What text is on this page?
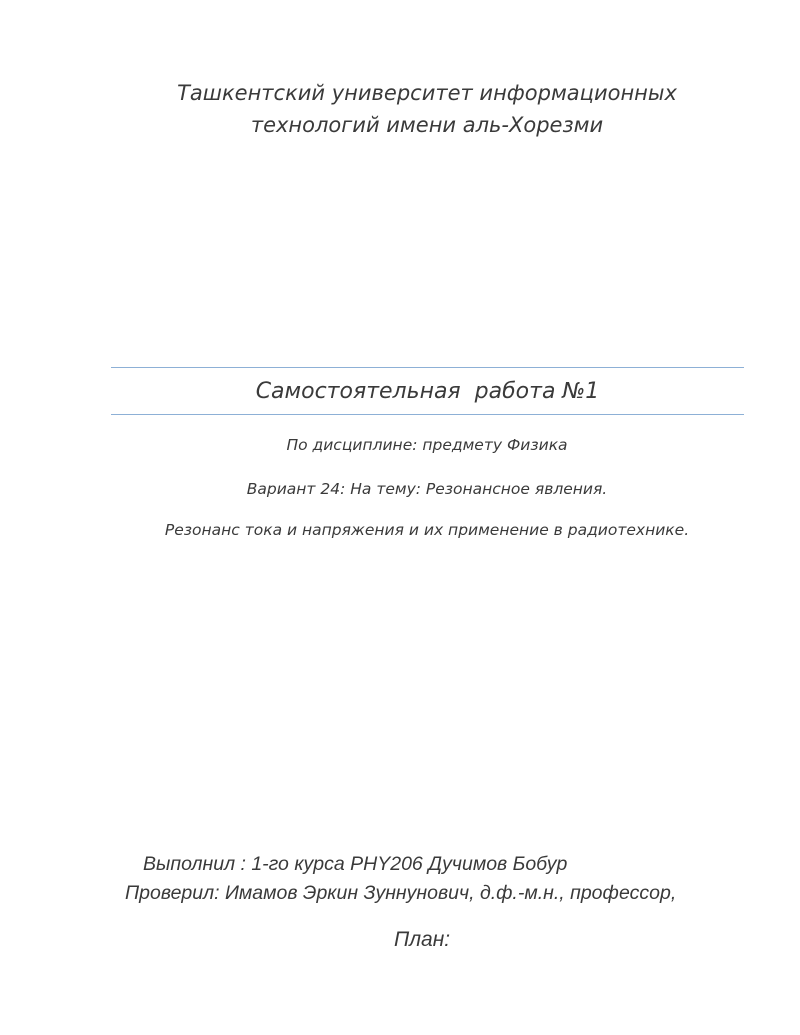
Ташкентский университет информационных
технологий имени аль-Хорезми
Самостоятельная  работа №1
По дисциплине: предмету Физика
Вариант 24: На тему: Резонансное явления.
Резонанс тока и напряжения и их применение в радиотехнике.
Выполнил : 1-го курса PHY206 Дучимов Бобур
Проверил: Имамов Эркин Зуннунович, д.ф.-м.н., профессор,
План:
